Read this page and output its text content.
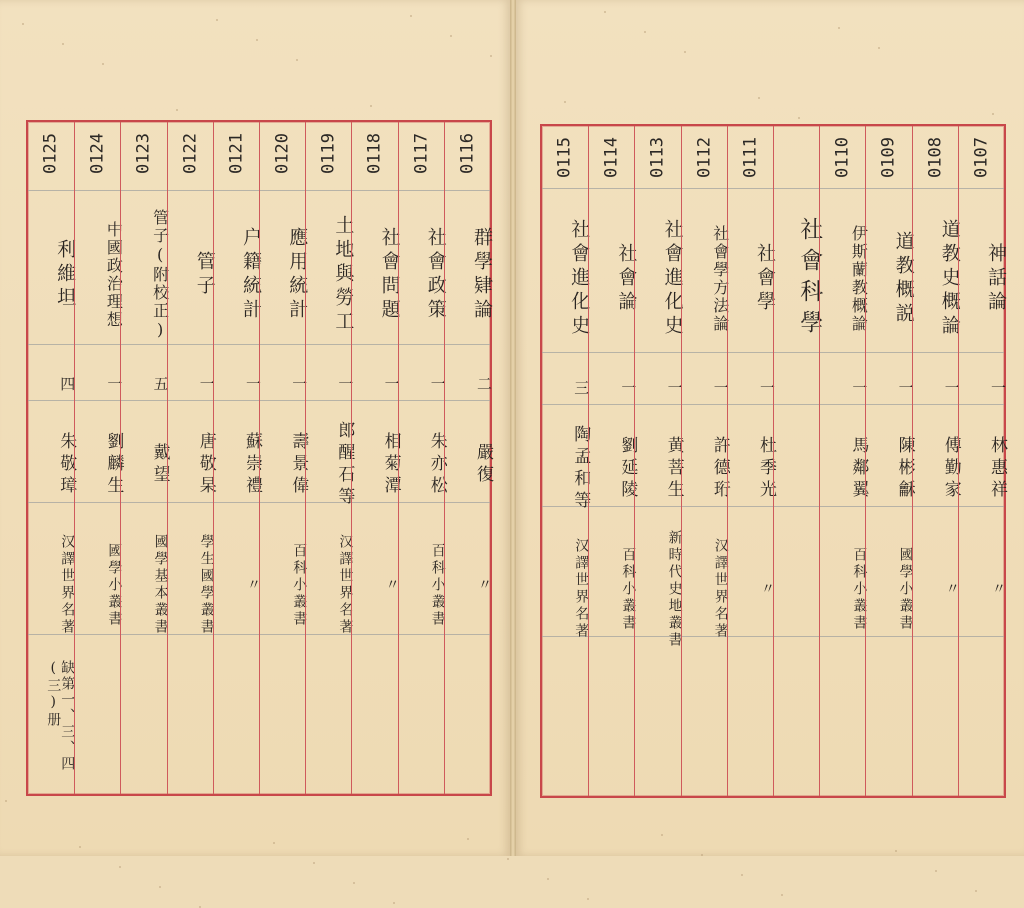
0125
利維坦
四
朱敬璋
汉譯世界名著
缺第一、三、四(三)册
0124
中國政治理想
一
劉麟生
國學小叢書
0123
管子(附校正)
五
戴望
國學基本叢書
0122
管子
一
唐敬杲
學生國學叢書
0121
户籍統計
一
蘇崇禮
〃
0120
應用統計
一
壽景偉
百科小叢書
0119
土地與勞工
一
郎醒石等
汉譯世界名著
0118
社會問題
一
相菊潭
〃
0117
社會政策
一
朱亦松
百科小叢書
0116
群學肄論
二
嚴復
〃
0115
社會進化史
三
陶孟和等
汉譯世界名著
0114
社會論
一
劉延陵
百科小叢書
0113
社會進化史
一
黄菩生
新時代史地叢書
0112
社會學方法論
一
許德珩
汉譯世界名著
0111
社會學
一
杜季光
〃
社會科學
0110
伊斯蘭教概論
一
馬鄰翼
百科小叢書
0109
道教概説
一
陳彬龢
國學小叢書
0108
道教史概論
一
傅勤家
〃
0107
神話論
一
林惠祥
〃
